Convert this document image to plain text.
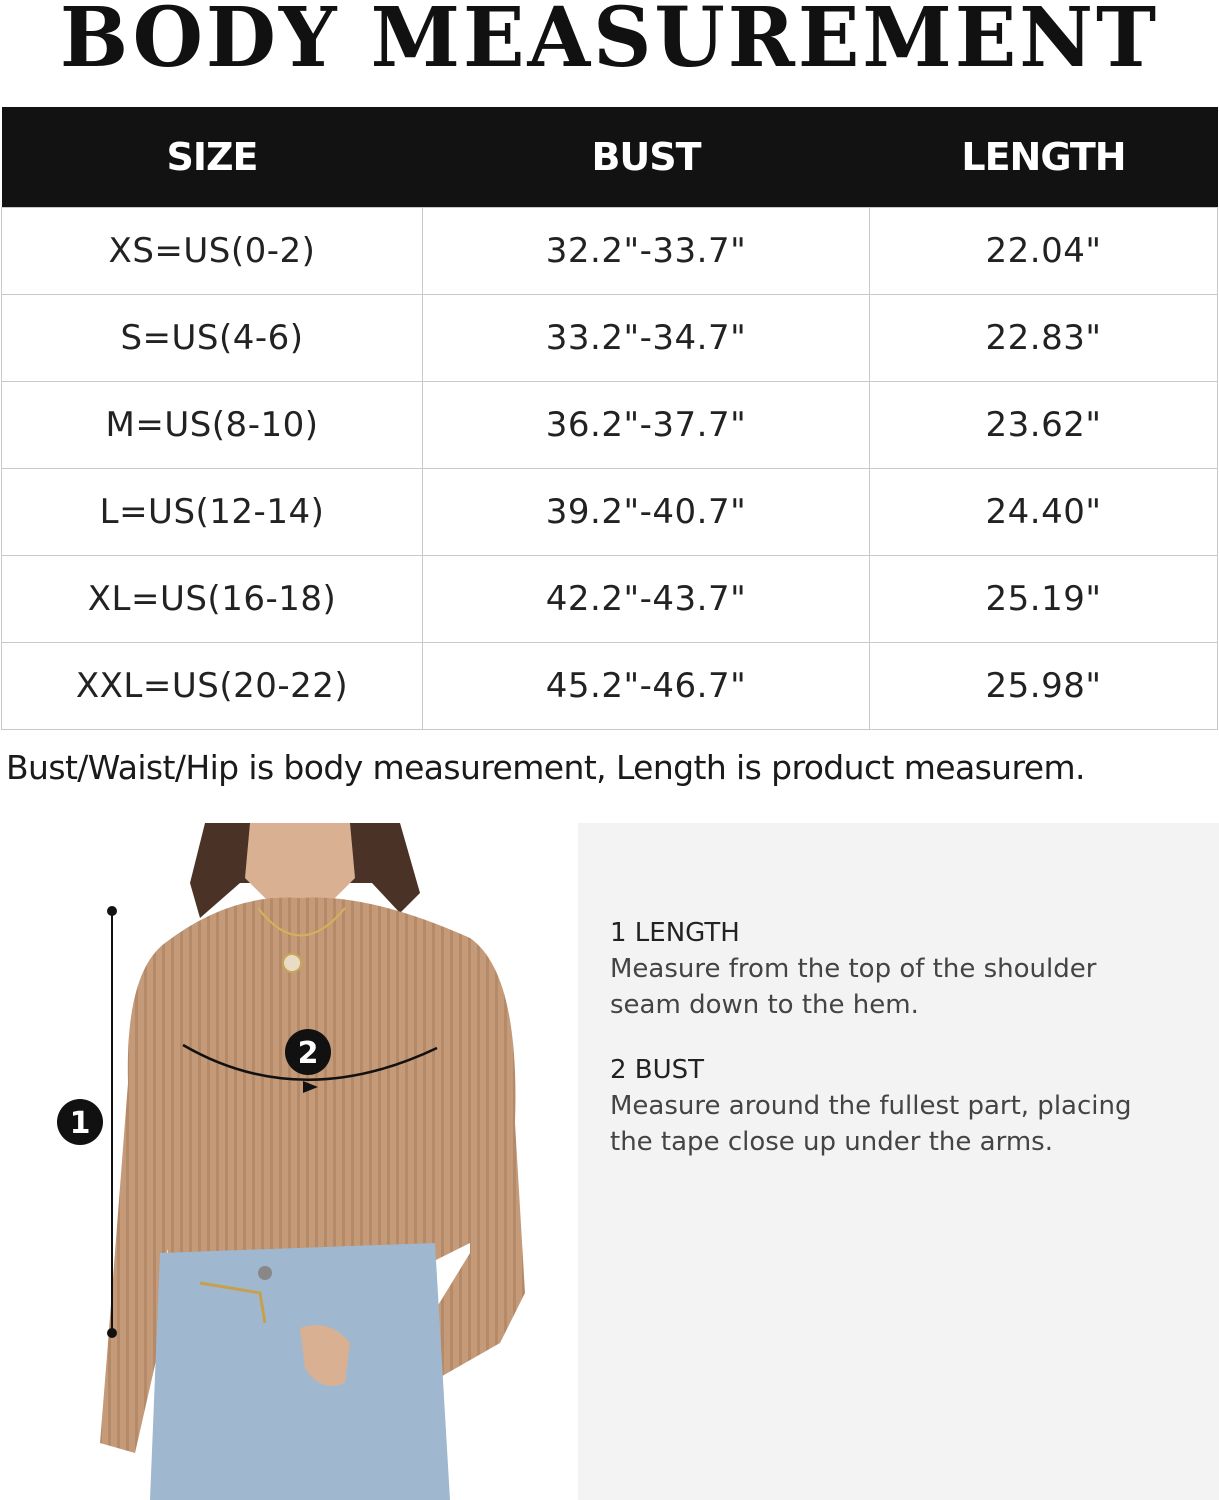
BODY MEASUREMENT
SIZE	BUST	LENGTH
XS=US(0-2)	32.2"-33.7"	22.04"
S=US(4-6)	33.2"-34.7"	22.83"
M=US(8-10)	36.2"-37.7"	23.62"
L=US(12-14)	39.2"-40.7"	24.40"
XL=US(16-18)	42.2"-43.7"	25.19"
XXL=US(20-22)	45.2"-46.7"	25.98"
Bust/Waist/Hip is body measurement, Length is product measurem.
1
2
1 LENGTH
Measure from the top of the shoulder seam down to the hem.
2 BUST
Measure around the fullest part, placing the tape close up under the arms.
